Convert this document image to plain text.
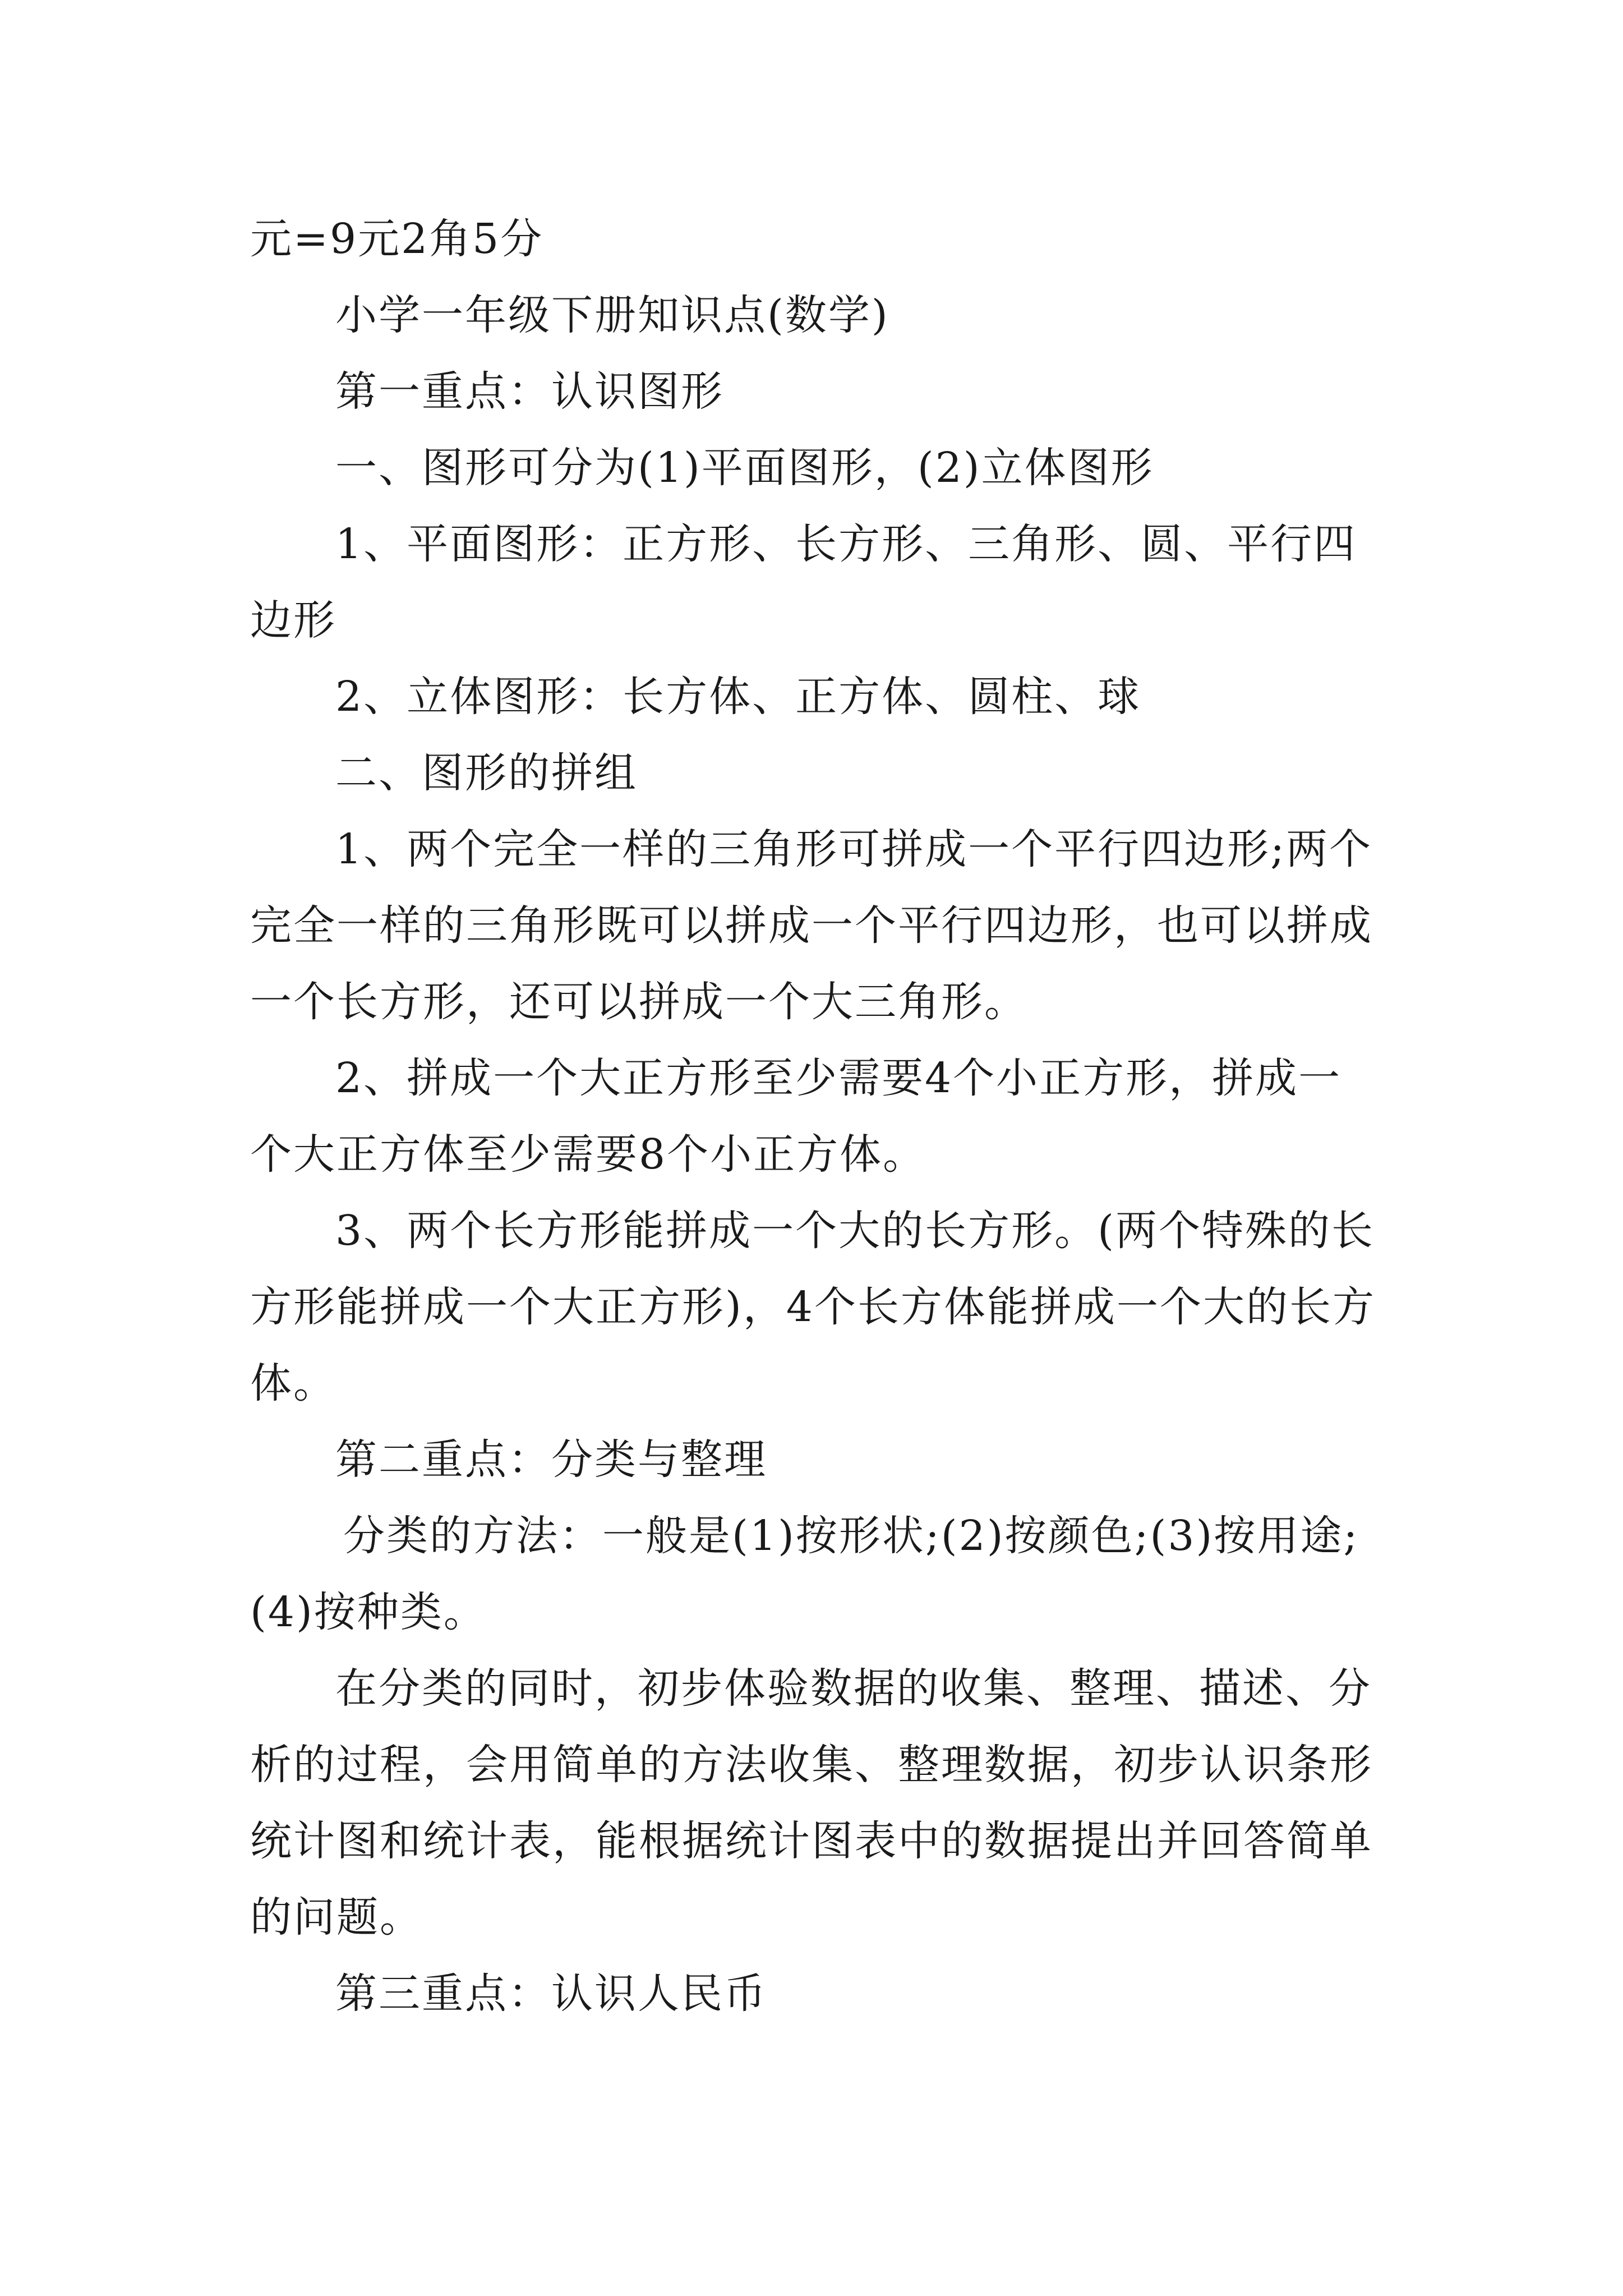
元=9元2角5分

小学一年级下册知识点(数学)

第一重点：认识图形

一、图形可分为(1)平面图形，(2)立体图形

1、平面图形：正方形、长方形、三角形、圆、平行四边形

2、立体图形：长方体、正方体、圆柱、球

二、图形的拼组

1、两个完全一样的三角形可拼成一个平行四边形;两个完全一样的三角形既可以拼成一个平行四边形，也可以拼成一个长方形，还可以拼成一个大三角形。

2、拼成一个大正方形至少需要4个小正方形，拼成一个大正方体至少需要8个小正方体。

3、两个长方形能拼成一个大的长方形。(两个特殊的长方形能拼成一个大正方形)，4个长方体能拼成一个大的长方体。

第二重点：分类与整理

分类的方法：一般是(1)按形状;(2)按颜色;(3)按用途;(4)按种类。

在分类的同时，初步体验数据的收集、整理、描述、分析的过程，会用简单的方法收集、整理数据，初步认识条形统计图和统计表，能根据统计图表中的数据提出并回答简单的问题。

第三重点：认识人民币
